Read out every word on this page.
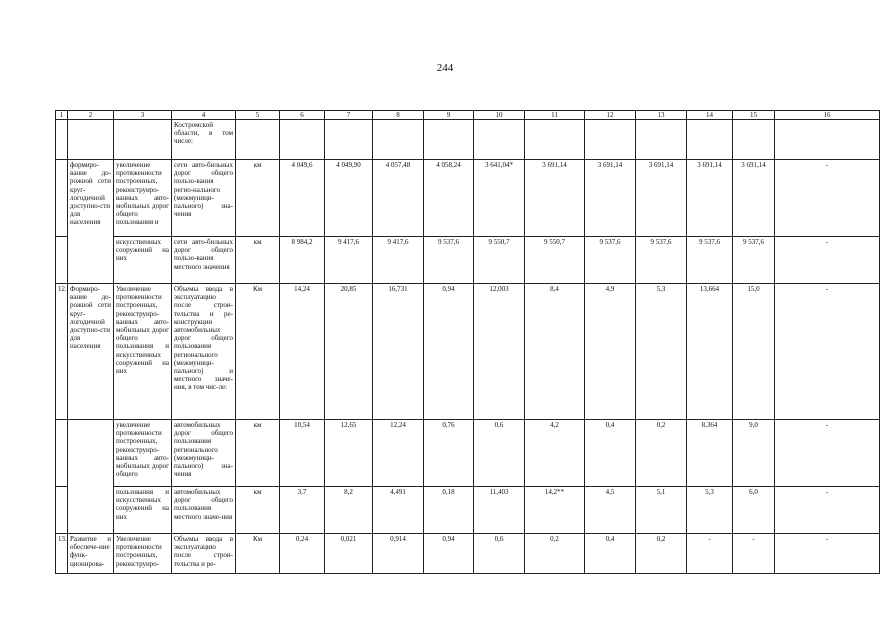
244
1	2	3	4	5	6	7	8	9	10	11	12	13	14	15	16
			Костромской области, в том числе:												
	формиро-вание до-рожной сети круг-логодичной доступно-сти для населения	увеличение протяженности построенных, реконструиро-ванных авто-мобильных дорог общего пользования и	сети авто-бильных дорог общего пользо-вания регио-нального (межмуници-пального) зна-чения	км	4 049,6	4 049,90	4 057,48	4 058,24	3 641,04*	3 691,14	3 691,14	3 691,14	3 691,14	3 691,14	-
		искусственных сооружений на них	сети авто-бильных дорог общего пользо-вания местного значения	км	8 984,2	9 417,6	9 417,6	9 537,6	9 550,7	9 550,7	9 537,6	9 537,6	9 537,6	9 537,6	-
12.	Формиро-вание до-рожной сети круг-логодичной доступно-сти для населения	Увеличение протяженности построенных, реконструиро-ванных авто-мобильных дорог общего пользования и искусственных сооружений на них	Объемы ввода в эксплуатацию после строи-тельства и ре-конструкции автомобильных дорог общего пользования регионального (межмуници-пального) и местного значе-ния, в том чис-ле:	Км	14,24	20,85	16,731	0,94	12,003	8,4	4,9	5,3	13,664	15,0	-
		увеличение протяженности построенных, реконструиро-ванных авто-мобильных дорог общего	автомобильных дорог общего пользования регионального (межмуници-пального) зна-чения	км	10,54	12,65	12,24	0,76	0,6	4,2	0,4	0,2	8,364	9,0	-
		пользования и искусственных сооружений на них	автомобильных дорог общего пользования местного значе-ния	км	3,7	8,2	4,491	0,18	11,403	14,2**	4,5	5,1	5,3	6,0	-
13.	Развитие и обеспече-ние функ-ционирова-	Увеличение протяженности построенных, реконструиро-	Объемы ввода в эксплуатацию после строи-тельства и ре-	Км	0,24	0,021	0,914	0,94	0,6	0,2	0,4	0,2	-	-	-
